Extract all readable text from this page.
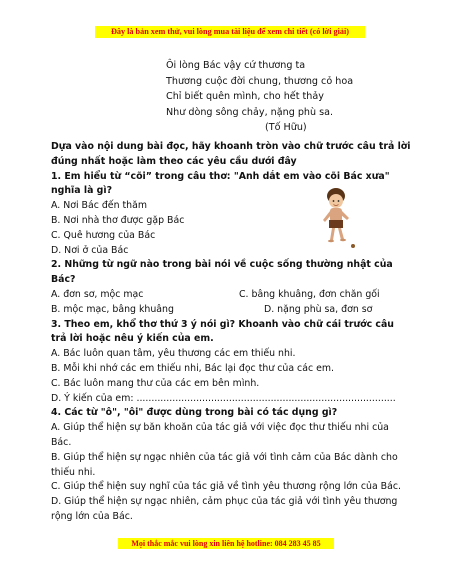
Đây là bản xem thử, vui lòng mua tài liệu để xem chi tiết (có lời giải)
Ôi lòng Bác vậy cứ thương ta
Thương cuộc đời chung, thương cỏ hoa
Chỉ biết quên mình, cho hết thảy
Như dòng sông chảy, nặng phù sa.
(Tố Hữu)

Dựa vào nội dung bài đọc, hãy khoanh tròn vào chữ trước câu trả lời đúng nhất hoặc làm theo các yêu cầu dưới đây

1. Em hiểu từ “cõi” trong câu thơ: "Anh dắt em vào cõi Bác xưa" nghĩa là gì?

A. Nơi Bác đến thăm

B. Nơi nhà thơ được gặp Bác

C. Quê hương của Bác

D. Nơi ở của Bác

2. Những từ ngữ nào trong bài nói về cuộc sống thường nhật của Bác?

A. đơn sơ, mộc mạc	C. bâng khuâng, đơn chăn gối
B. mộc mạc, bâng khuâng	D. nặng phù sa, đơn sơ

3. Theo em, khổ thơ thứ 3 ý nói gì? Khoanh vào chữ cái trước câu trả lời hoặc nêu ý kiến của em.

A. Bác luôn quan tâm, yêu thương các em thiếu nhi.

B. Mỗi khi nhớ các em thiếu nhi, Bác lại đọc thư của các em.

C. Bác luôn mang thư của các em bên mình.

D. Ý kiến của em: .......................................................................................

4. Các từ "ô", "ôi" được dùng trong bài có tác dụng gì?

A. Giúp thể hiện sự băn khoăn của tác giả với việc đọc thư thiếu nhi của Bác.

B. Giúp thể hiện sự ngạc nhiên của tác giả với tình cảm của Bác dành cho thiếu nhi.

C. Giúp thể hiện suy nghĩ của tác giả về tình yêu thương rộng lớn của Bác.

D. Giúp thể hiện sự ngạc nhiên, cảm phục của tác giả với tình yêu thương rộng lớn của Bác.

Mọi thắc mắc vui lòng xin liên hệ hotline: 084 283 45 85
